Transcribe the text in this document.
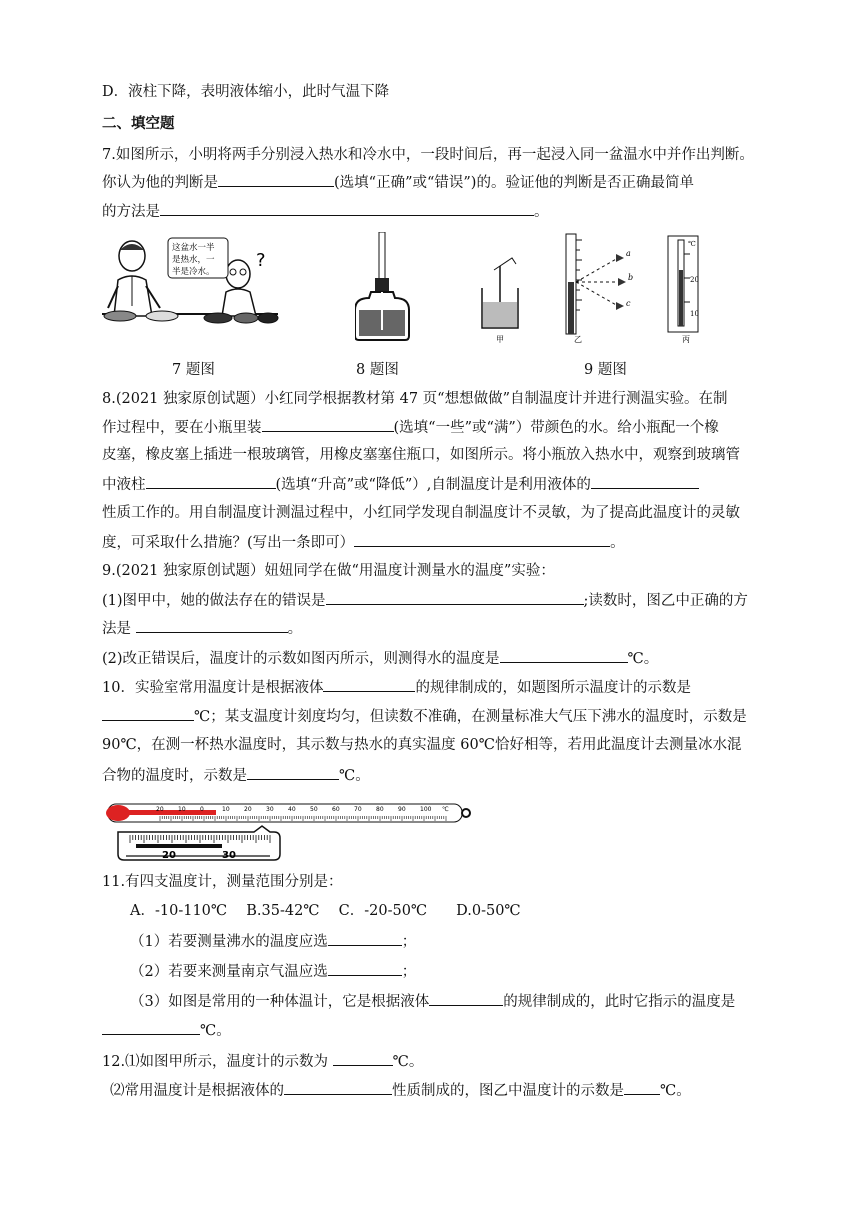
D．液柱下降，表明液体缩小，此时气温下降
二、填空题
7.如图所示，小明将两手分别浸入热水和冷水中，一段时间后，再一起浸入同一盆温水中并作出判断。
你认为他的判断是	(选填“正确”或“错误”)的。验证他的判断是否正确最简单
的方法是	。
?
这盆水一半
是热水，一
半是冷水。
甲
a
b
c
乙
℃
20
10
丙
7 题图	8 题图	9 题图
8.(2021 独家原创试题）小红同学根据教材第 47 页“想想做做”自制温度计并进行测温实验。在制
作过程中，要在小瓶里装	(选填“一些”或“满”）带颜色的水。给小瓶配一个橡
皮塞，橡皮塞上插进一根玻璃管，用橡皮塞塞住瓶口，如图所示。将小瓶放入热水中，观察到玻璃管
中液柱	(选填“升高”或“降低”）,自制温度计是利用液体的
性质工作的。用自制温度计测温过程中，小红同学发现自制温度计不灵敏，为了提高此温度计的灵敏
度，可采取什么措施？(写出一条即可）	。
9.(2021 独家原创试题）妞妞同学在做“用温度计测量水的温度”实验：
(1)图甲中，她的做法存在的错误是	;读数时，图乙中正确的方
法是	。
(2)改正错误后，温度计的示数如图丙所示，则测得水的温度是	℃。
10．实验室常用温度计是根据液体	的规律制成的，如题图所示温度计的示数是
℃；某支温度计刻度均匀，但读数不准确，在测量标准大气压下沸水的温度时，示数是
90℃，在测一杯热水温度时，其示数与热水的真实温度 60℃恰好相等，若用此温度计去测量冰水混
合物的温度时，示数是	℃。
20 10 0	10 20 30 40 50 60 70 80 90 100 ℃
20	30
11.有四支温度计，测量范围分别是：
A．-10-110℃　 B.35-42℃　 C．-20-50℃　　D.0-50℃
（1）若要测量沸水的温度应选	；
（2）若要来测量南京气温应选	；
（3）如图是常用的一种体温计，它是根据液体	的规律制成的，此时它指示的温度是
℃。
12.⑴如图甲所示，温度计的示数为	℃。
⑵常用温度计是根据液体的	性质制成的，图乙中温度计的示数是 ℃。
